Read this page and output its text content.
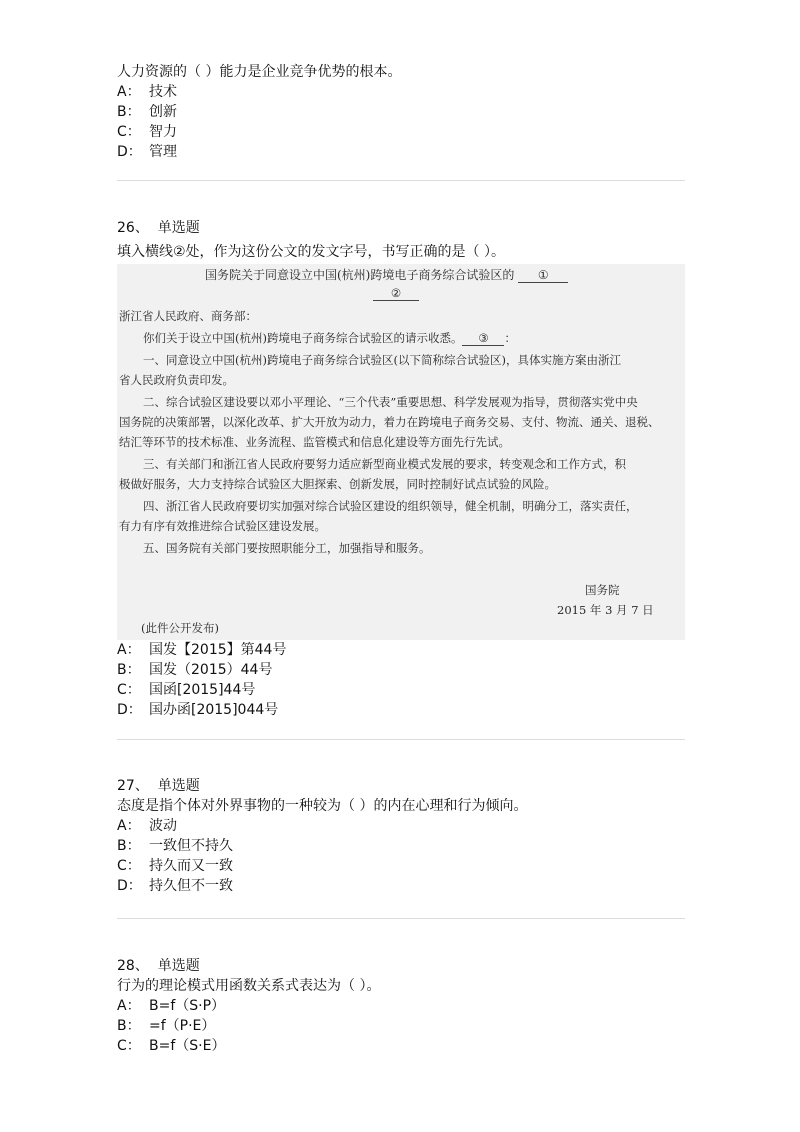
人力资源的（ ）能力是企业竞争优势的根本。
A： 技术
B： 创新
C： 智力
D： 管理
26、 单选题
填入横线②处，作为这份公文的发文字号，书写正确的是（ ）。
国务院关于同意设立中国(杭州)跨境电子商务综合试验区的 ①
②
浙江省人民政府、商务部：
你们关于设立中国(杭州)跨境电子商务综合试验区的请示收悉。 ③ ：
一、同意设立中国(杭州)跨境电子商务综合试验区(以下简称综合试验区)，具体实施方案由浙江
省人民政府负责印发。
二、综合试验区建设要以邓小平理论、“三个代表”重要思想、科学发展观为指导，贯彻落实党中央
国务院的决策部署，以深化改革、扩大开放为动力，着力在跨境电子商务交易、支付、物流、通关、退税、
结汇等环节的技术标准、业务流程、监管模式和信息化建设等方面先行先试。
三、有关部门和浙江省人民政府要努力适应新型商业模式发展的要求，转变观念和工作方式，积
极做好服务，大力支持综合试验区大胆探索、创新发展，同时控制好试点试验的风险。
四、浙江省人民政府要切实加强对综合试验区建设的组织领导，健全机制，明确分工，落实责任，
有力有序有效推进综合试验区建设发展。
五、国务院有关部门要按照职能分工，加强指导和服务。
国务院
2015 年 3 月 7 日
(此件公开发布)
A： 国发【2015】第44号
B： 国发（2015）44号
C： 国函[2015]44号
D： 国办函[2015]044号
27、 单选题
态度是指个体对外界事物的一种较为（ ）的内在心理和行为倾向。
A： 波动
B： 一致但不持久
C： 持久而又一致
D： 持久但不一致
28、 单选题
行为的理论模式用函数关系式表达为（ ）。
A： B=f（S·P）
B： =f（P·E）
C： B=f（S·E）
